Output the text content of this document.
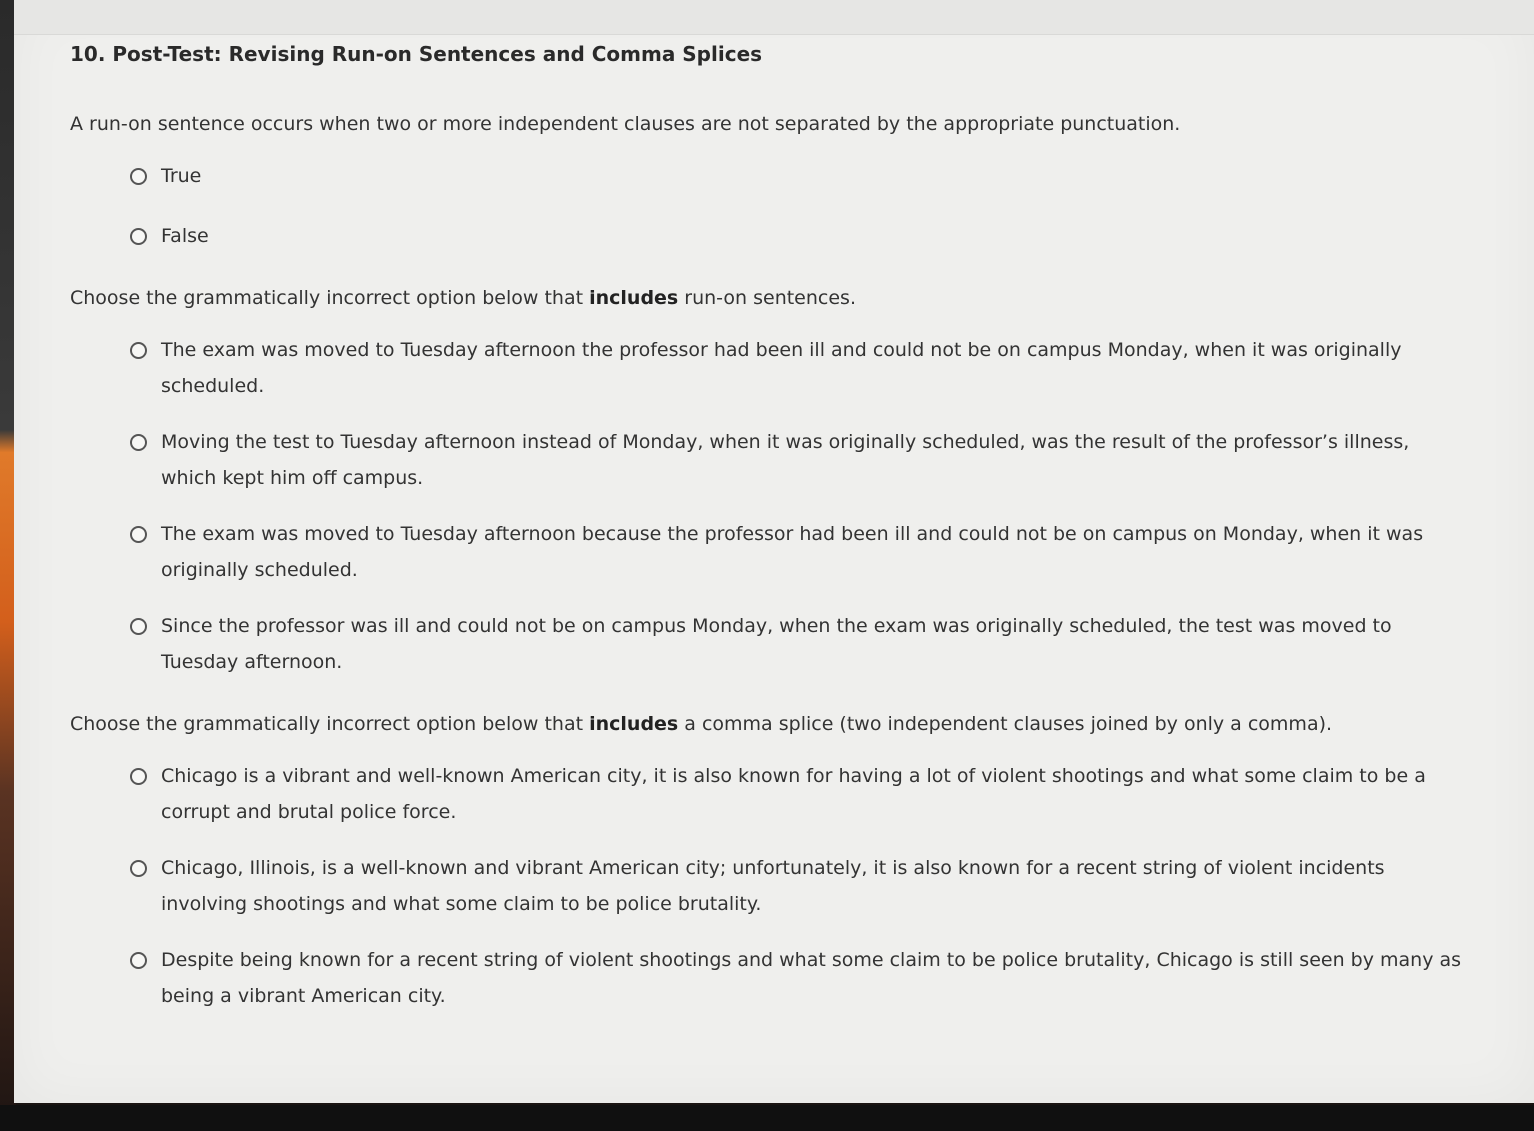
10. Post-Test: Revising Run-on Sentences and Comma Splices
A run-on sentence occurs when two or more independent clauses are not separated by the appropriate punctuation.
True
False
Choose the grammatically incorrect option below that includes run-on sentences.
The exam was moved to Tuesday afternoon the professor had been ill and could not be on campus Monday, when it was originally scheduled.
Moving the test to Tuesday afternoon instead of Monday, when it was originally scheduled, was the result of the professor’s illness, which kept him off campus.
The exam was moved to Tuesday afternoon because the professor had been ill and could not be on campus on Monday, when it was originally scheduled.
Since the professor was ill and could not be on campus Monday, when the exam was originally scheduled, the test was moved to Tuesday afternoon.
Choose the grammatically incorrect option below that includes a comma splice (two independent clauses joined by only a comma).
Chicago is a vibrant and well-known American city, it is also known for having a lot of violent shootings and what some claim to be a corrupt and brutal police force.
Chicago, Illinois, is a well-known and vibrant American city; unfortunately, it is also known for a recent string of violent incidents involving shootings and what some claim to be police brutality.
Despite being known for a recent string of violent shootings and what some claim to be police brutality, Chicago is still seen by many as being a vibrant American city.
